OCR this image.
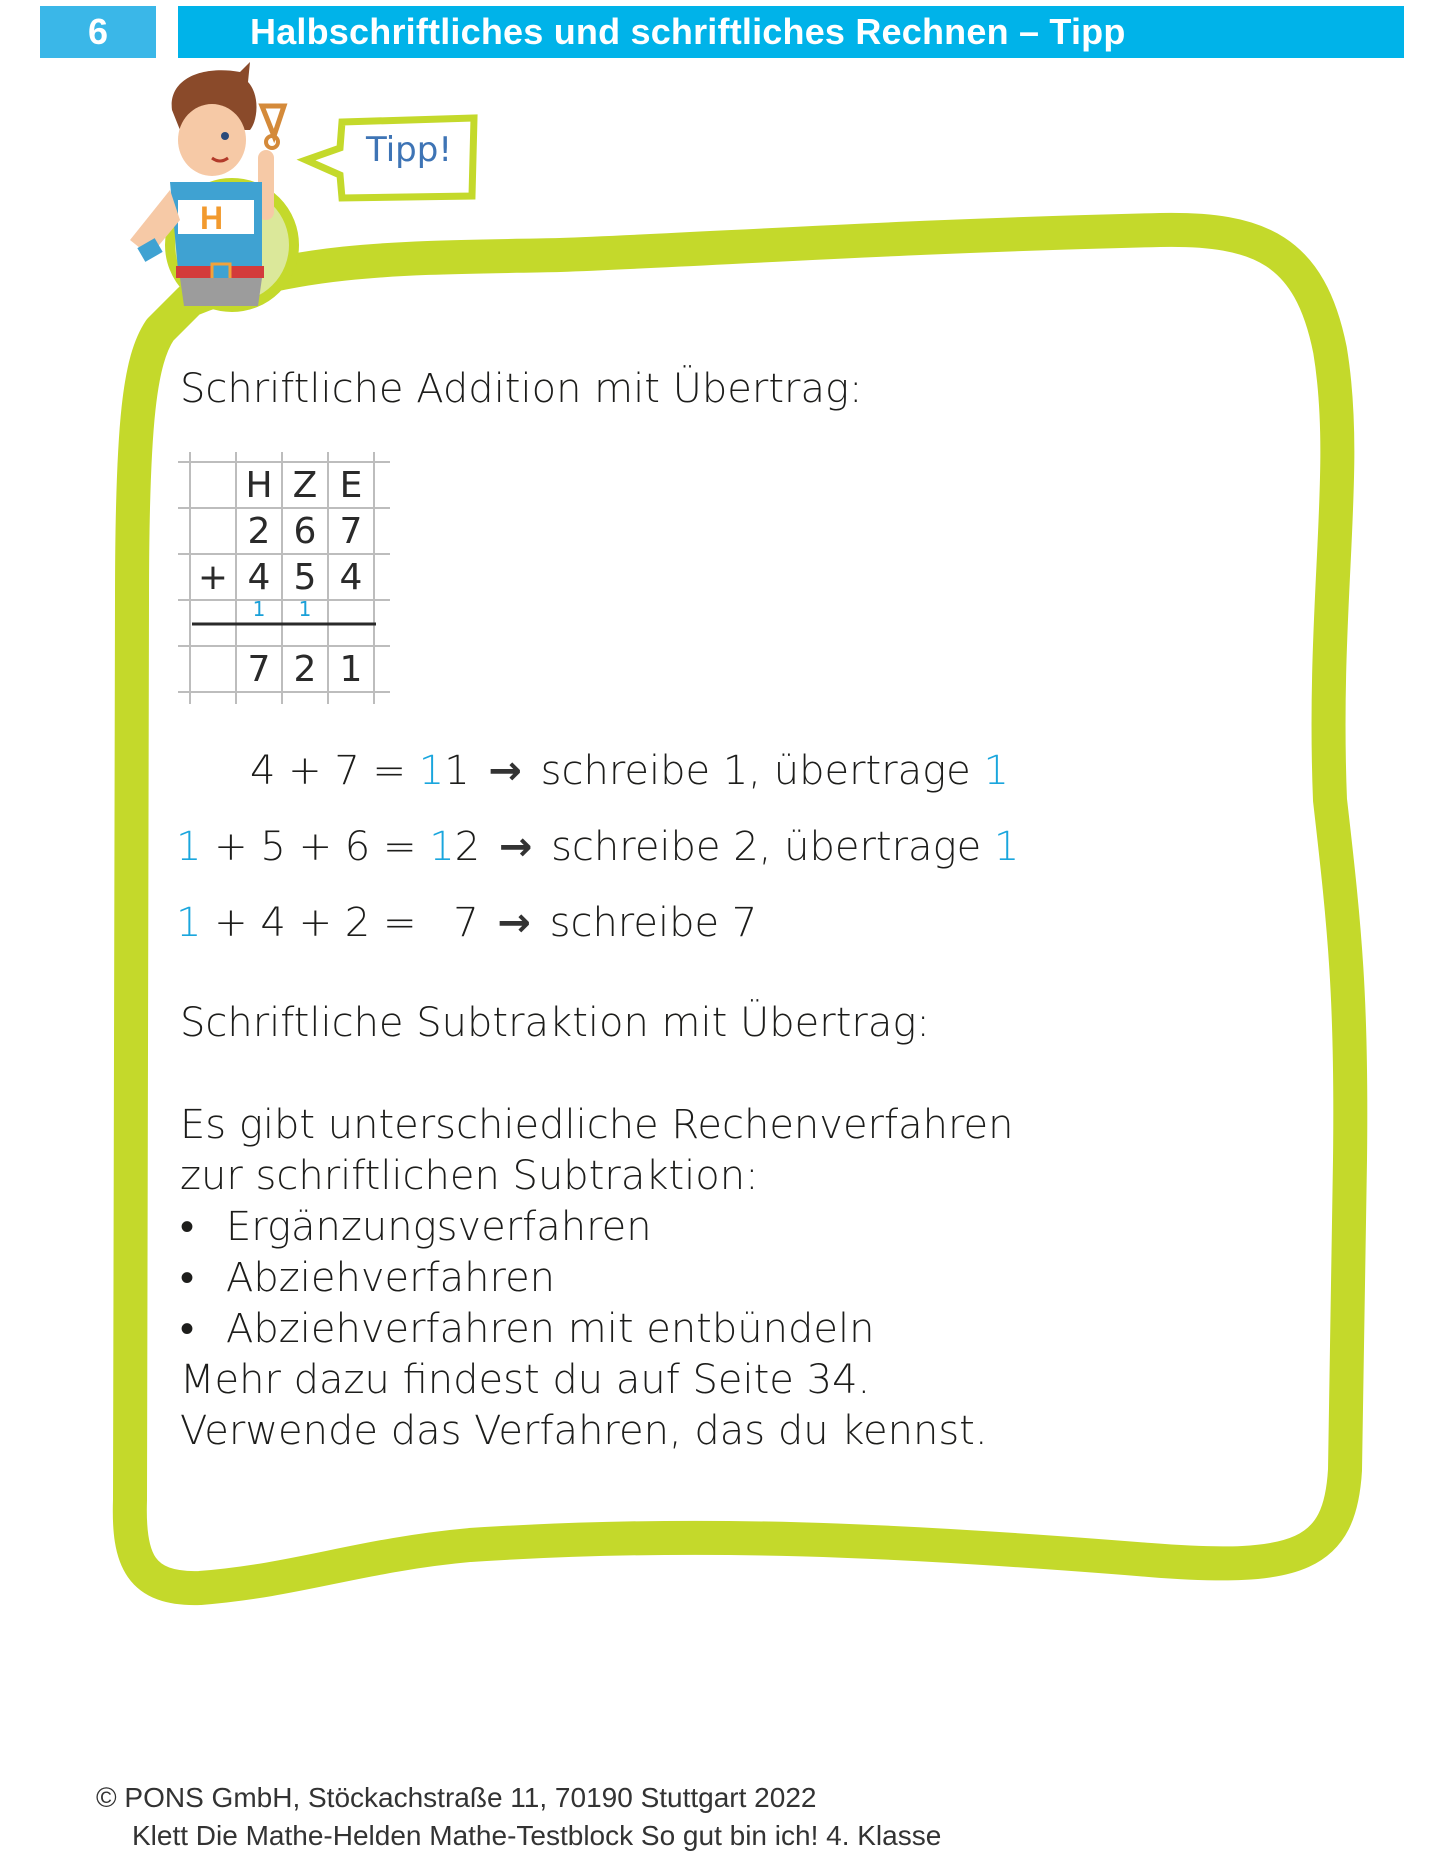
6	Halbschriftliches und schriftliches Rechnen – Tipp
H
Tipp!
Schriftliche Addition mit Übertrag:
H Z E
2 6 7
+ 4 5 4
1	1
7 2 1
4 + 7 = 11 → schreibe 1, übertrage 1
1 + 5 + 6 = 12 → schreibe 2, übertrage 1
1 + 4 + 2 = 7 → schreibe 7
Schriftliche Subtraktion mit Übertrag:
Es gibt unterschiedliche Rechenverfahren
zur schriftlichen Subtraktion:
• Ergänzungsverfahren
• Abziehverfahren
• Abziehverfahren mit entbündeln
Mehr dazu findest du auf Seite 34.
Verwende das Verfahren, das du kennst.
© PONS GmbH, Stöckachstraße 11, 70190 Stuttgart 2022
Klett Die Mathe-Helden Mathe-Testblock So gut bin ich! 4. Klasse
